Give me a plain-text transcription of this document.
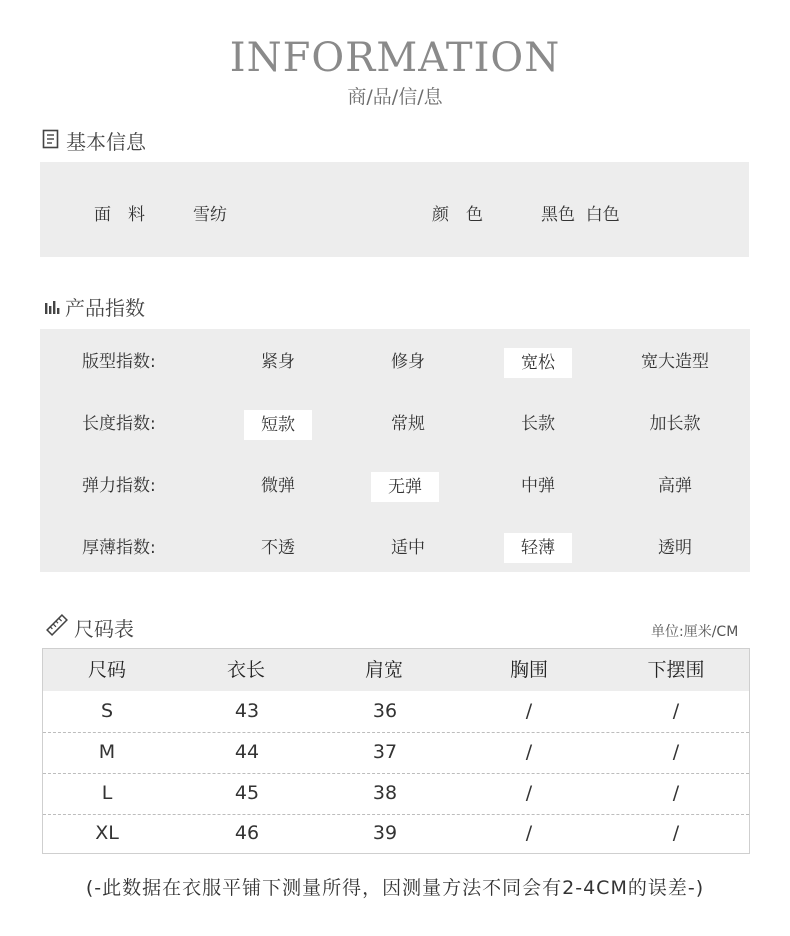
INFORMATION
商/品/信/息
基本信息
面　料	雪纺	颜　色	黑色  白色
产品指数
版型指数:	紧身	修身	宽松	宽大造型
长度指数:	短款	常规	长款	加长款
弹力指数:	微弹	无弹	中弹	高弹
厚薄指数:	不透	适中	轻薄	透明
尺码表	单位:厘米/CM
尺码	衣长	肩宽	胸围	下摆围
S	43	36	/	/
M	44	37	/	/
L	45	38	/	/
XL	46	39	/	/
(-此数据在衣服平铺下测量所得，因测量方法不同会有2-4CM的误差-)
